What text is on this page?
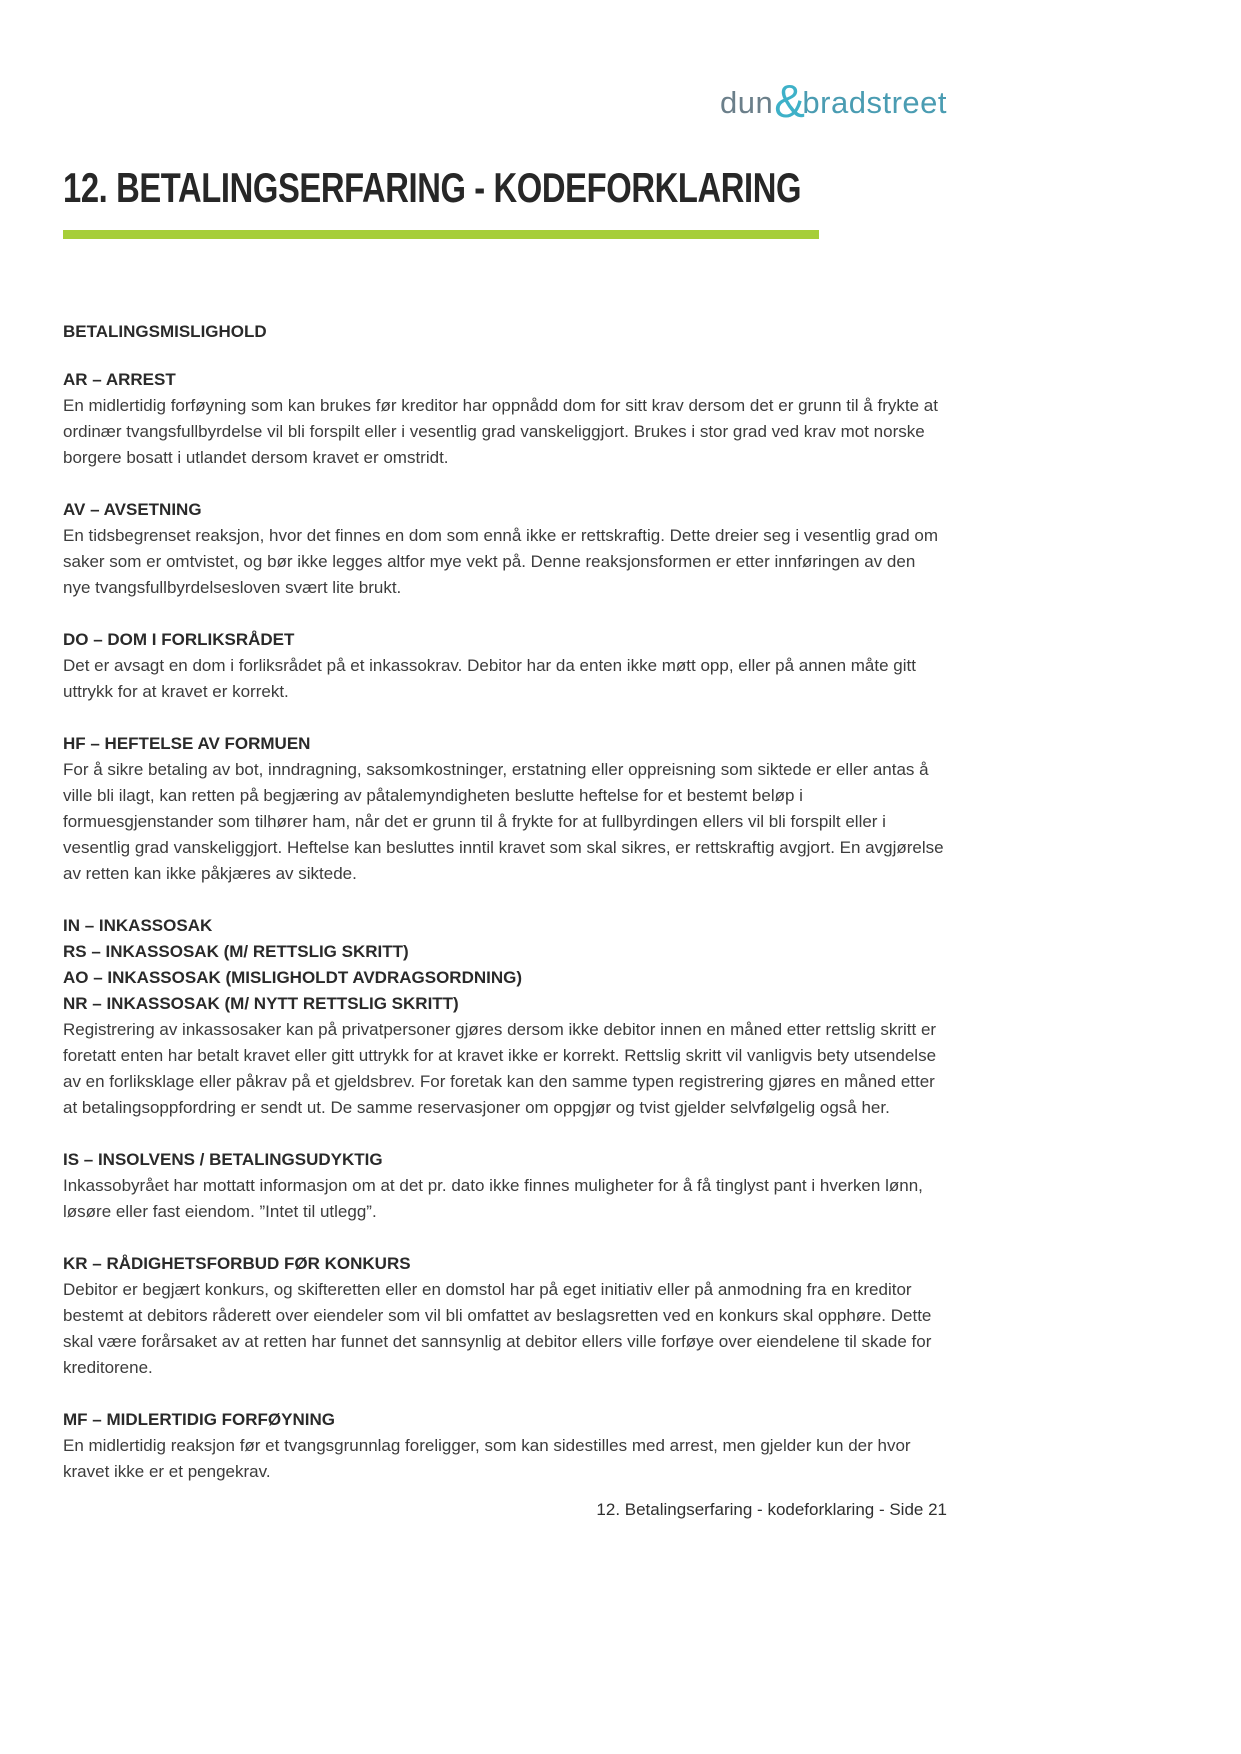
dun&bradstreet
12. BETALINGSERFARING - KODEFORKLARING
BETALINGSMISLIGHOLD
AR – ARREST

En midlertidig forføyning som kan brukes før kreditor har oppnådd dom for sitt krav dersom det er grunn til å frykte at ordinær tvangsfullbyrdelse vil bli forspilt eller i vesentlig grad vanskeliggjort. Brukes i stor grad ved krav mot norske borgere bosatt i utlandet dersom kravet er omstridt.

AV – AVSETNING

En tidsbegrenset reaksjon, hvor det finnes en dom som ennå ikke er rettskraftig. Dette dreier seg i vesentlig grad om saker som er omtvistet, og bør ikke legges altfor mye vekt på. Denne reaksjonsformen er etter innføringen av den nye tvangsfullbyrdelsesloven svært lite brukt.

DO – DOM I FORLIKSRÅDET

Det er avsagt en dom i forliksrådet på et inkassokrav. Debitor har da enten ikke møtt opp, eller på annen måte gitt uttrykk for at kravet er korrekt.

HF – HEFTELSE AV FORMUEN

For å sikre betaling av bot, inndragning, saksomkostninger, erstatning eller oppreisning som siktede er eller antas å ville bli ilagt, kan retten på begjæring av påtalemyndigheten beslutte heftelse for et bestemt beløp i formuesgjenstander som tilhører ham, når det er grunn til å frykte for at fullbyrdingen ellers vil bli forspilt eller i vesentlig grad vanskeliggjort. Heftelse kan besluttes inntil kravet som skal sikres, er rettskraftig avgjort. En avgjørelse av retten kan ikke påkjæres av siktede.

IN – INKASSOSAK
RS – INKASSOSAK (M/ RETTSLIG SKRITT)
AO – INKASSOSAK (MISLIGHOLDT AVDRAGSORDNING)
NR – INKASSOSAK (M/ NYTT RETTSLIG SKRITT)

Registrering av inkassosaker kan på privatpersoner gjøres dersom ikke debitor innen en måned etter rettslig skritt er foretatt enten har betalt kravet eller gitt uttrykk for at kravet ikke er korrekt. Rettslig skritt vil vanligvis bety utsendelse av en forliksklage eller påkrav på et gjeldsbrev. For foretak kan den samme typen registrering gjøres en måned etter at betalingsoppfordring er sendt ut. De samme reservasjoner om oppgjør og tvist gjelder selvfølgelig også her.

IS – INSOLVENS / BETALINGSUDYKTIG

Inkassobyrået har mottatt informasjon om at det pr. dato ikke finnes muligheter for å få tinglyst pant i hverken lønn, løsøre eller fast eiendom. ”Intet til utlegg”.

KR – RÅDIGHETSFORBUD FØR KONKURS

Debitor er begjært konkurs, og skifteretten eller en domstol har på eget initiativ eller på anmodning fra en kreditor bestemt at debitors råderett over eiendeler som vil bli omfattet av beslagsretten ved en konkurs skal opphøre. Dette skal være forårsaket av at retten har funnet det sannsynlig at debitor ellers ville forføye over eiendelene til skade for kreditorene.

MF – MIDLERTIDIG FORFØYNING

En midlertidig reaksjon før et tvangsgrunnlag foreligger, som kan sidestilles med arrest, men gjelder kun der hvor kravet ikke er et pengekrav.

12. Betalingserfaring - kodeforklaring - Side 21
